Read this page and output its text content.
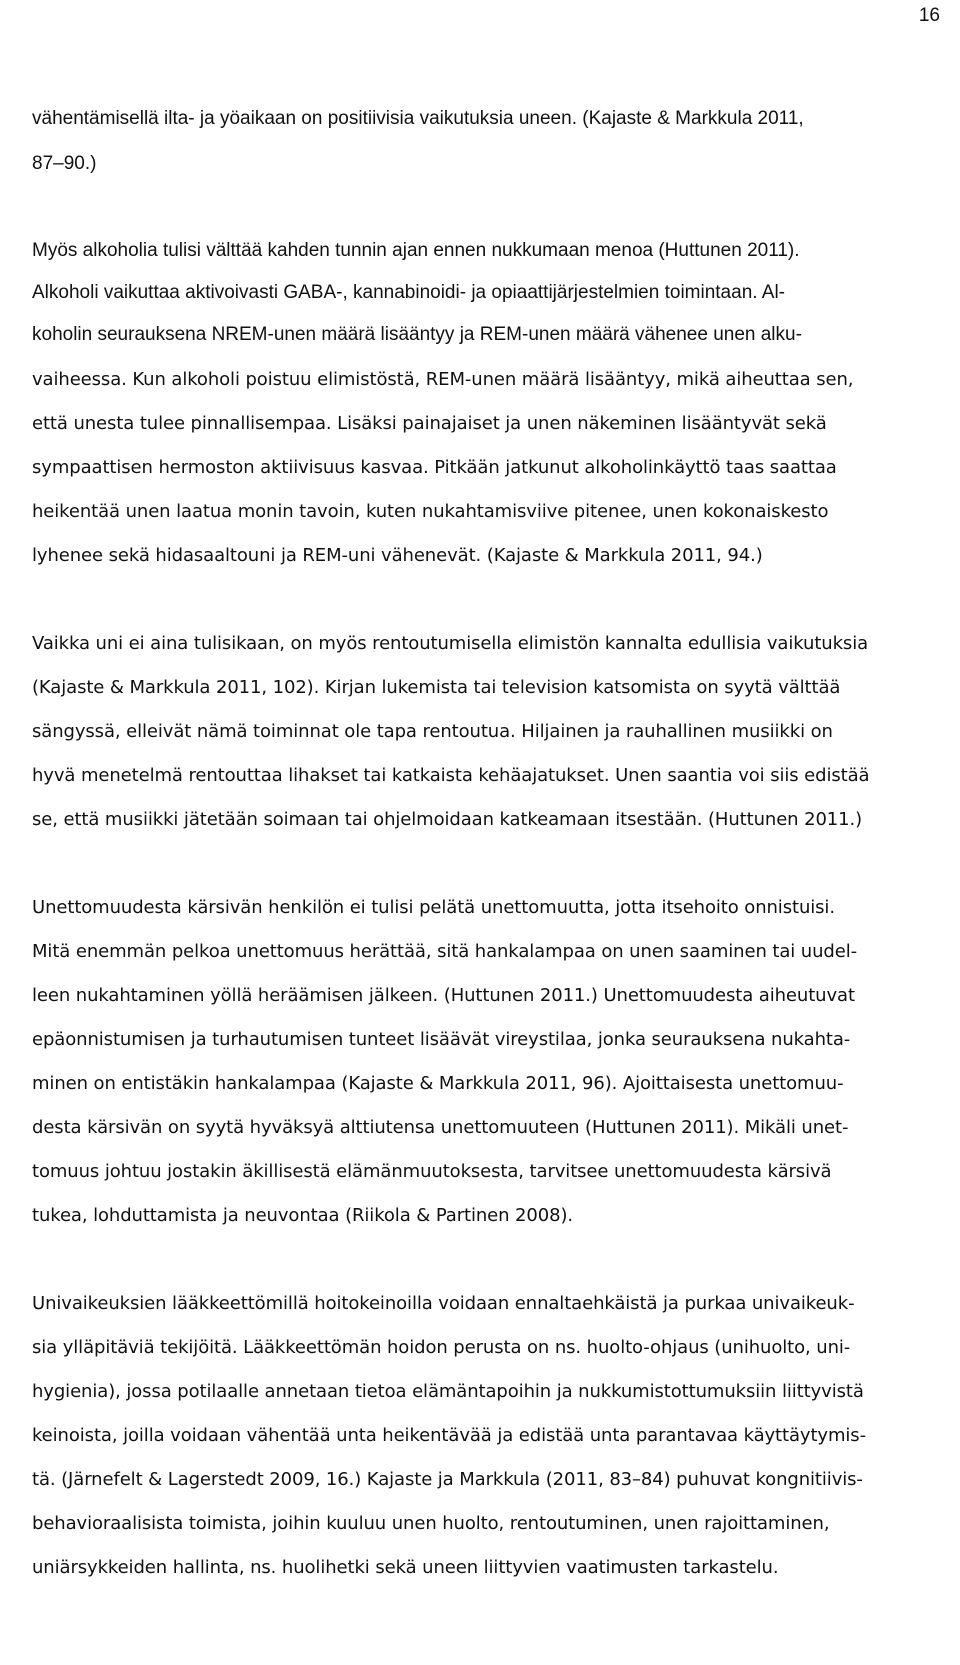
16
vähentämisellä ilta- ja yöaikaan on positiivisia vaikutuksia uneen. (Kajaste & Markkula 2011,
87–90.)
Myös alkoholia tulisi välttää kahden tunnin ajan ennen nukkumaan menoa (Huttunen 2011).
Alkoholi vaikuttaa aktivoivasti GABA-, kannabinoidi- ja opiaattijärjestelmien toimintaan. Al-
koholin seurauksena NREM-unen määrä lisääntyy ja REM-unen määrä vähenee unen alku-
vaiheessa. Kun alkoholi poistuu elimistöstä, REM-unen määrä lisääntyy, mikä aiheuttaa sen,
että unesta tulee pinnallisempaa. Lisäksi painajaiset ja unen näkeminen lisääntyvät sekä
sympaattisen hermoston aktiivisuus kasvaa. Pitkään jatkunut alkoholinkäyttö taas saattaa
heikentää unen laatua monin tavoin, kuten nukahtamisviive pitenee, unen kokonaiskesto
lyhenee sekä hidasaaltouni ja REM-uni vähenevät. (Kajaste & Markkula 2011, 94.)
Vaikka uni ei aina tulisikaan, on myös rentoutumisella elimistön kannalta edullisia vaikutuksia
(Kajaste & Markkula 2011, 102). Kirjan lukemista tai television katsomista on syytä välttää
sängyssä, elleivät nämä toiminnat ole tapa rentoutua. Hiljainen ja rauhallinen musiikki on
hyvä menetelmä rentouttaa lihakset tai katkaista kehäajatukset. Unen saantia voi siis edistää
se, että musiikki jätetään soimaan tai ohjelmoidaan katkeamaan itsestään. (Huttunen 2011.)
Unettomuudesta kärsivän henkilön ei tulisi pelätä unettomuutta, jotta itsehoito onnistuisi.
Mitä enemmän pelkoa unettomuus herättää, sitä hankalampaa on unen saaminen tai uudel-
leen nukahtaminen yöllä heräämisen jälkeen. (Huttunen 2011.) Unettomuudesta aiheutuvat
epäonnistumisen ja turhautumisen tunteet lisäävät vireystilaa, jonka seurauksena nukahta-
minen on entistäkin hankalampaa (Kajaste & Markkula 2011, 96). Ajoittaisesta unettomuu-
desta kärsivän on syytä hyväksyä alttiutensa unettomuuteen (Huttunen 2011). Mikäli unet-
tomuus johtuu jostakin äkillisestä elämänmuutoksesta, tarvitsee unettomuudesta kärsivä
tukea, lohduttamista ja neuvontaa (Riikola & Partinen 2008).
Univaikeuksien lääkkeettömillä hoitokeinoilla voidaan ennaltaehkäistä ja purkaa univaikeuk-
sia ylläpitäviä tekijöitä. Lääkkeettömän hoidon perusta on ns. huolto-ohjaus (unihuolto, uni-
hygienia), jossa potilaalle annetaan tietoa elämäntapoihin ja nukkumistottumuksiin liittyvistä
keinoista, joilla voidaan vähentää unta heikentävää ja edistää unta parantavaa käyttäytymis-
tä. (Järnefelt & Lagerstedt 2009, 16.) Kajaste ja Markkula (2011, 83–84) puhuvat kongnitiivis-
behavioraalisista toimista, joihin kuuluu unen huolto, rentoutuminen, unen rajoittaminen,
uniärsykkeiden hallinta, ns. huolihetki sekä uneen liittyvien vaatimusten tarkastelu.
